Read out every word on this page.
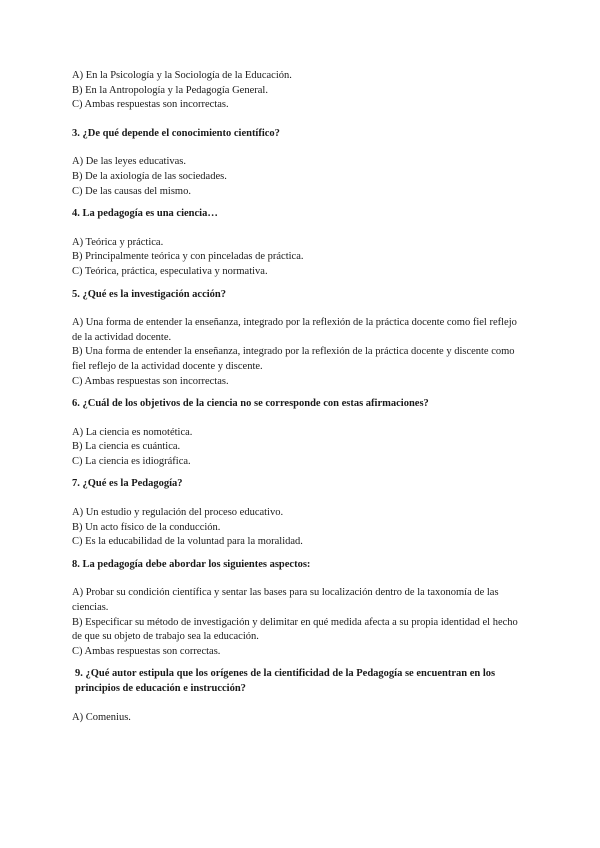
A) En la Psicología y la Sociología de la Educación.
B) En la Antropología y la Pedagogía General.
C) Ambas respuestas son incorrectas.
3. ¿De qué depende el conocimiento científico?
A) De las leyes educativas.
B) De la axiología de las sociedades.
C) De las causas del mismo.
4. La pedagogía es una ciencia…
A) Teórica y práctica.
B) Principalmente teórica y con pinceladas de práctica.
C) Teórica, práctica, especulativa y normativa.
5. ¿Qué es la investigación acción?
A) Una forma de entender la enseñanza, integrado por la reflexión de la práctica docente como fiel reflejo de la actividad docente.
B) Una forma de entender la enseñanza, integrado por la reflexión de la práctica docente y discente como fiel reflejo de la actividad docente y discente.
C) Ambas respuestas son incorrectas.
6. ¿Cuál de los objetivos de la ciencia no se corresponde con estas afirmaciones?
A) La ciencia es nomotética.
B) La ciencia es cuántica.
C) La ciencia es idiográfica.
7. ¿Qué es la Pedagogía?
A) Un estudio y regulación del proceso educativo.
B) Un acto físico de la conducción.
C) Es la educabilidad de la voluntad para la moralidad.
8. La pedagogía debe abordar los siguientes aspectos:
A) Probar su condición científica y sentar las bases para su localización dentro de la taxonomía de las ciencias.
B) Especificar su método de investigación y delimitar en qué medida afecta a su propia identidad el hecho de que su objeto de trabajo sea la educación.
C) Ambas respuestas son correctas.
9. ¿Qué autor estipula que los orígenes de la cientificidad de la Pedagogía se encuentran en los principios de educación e instrucción?
A) Comenius.
